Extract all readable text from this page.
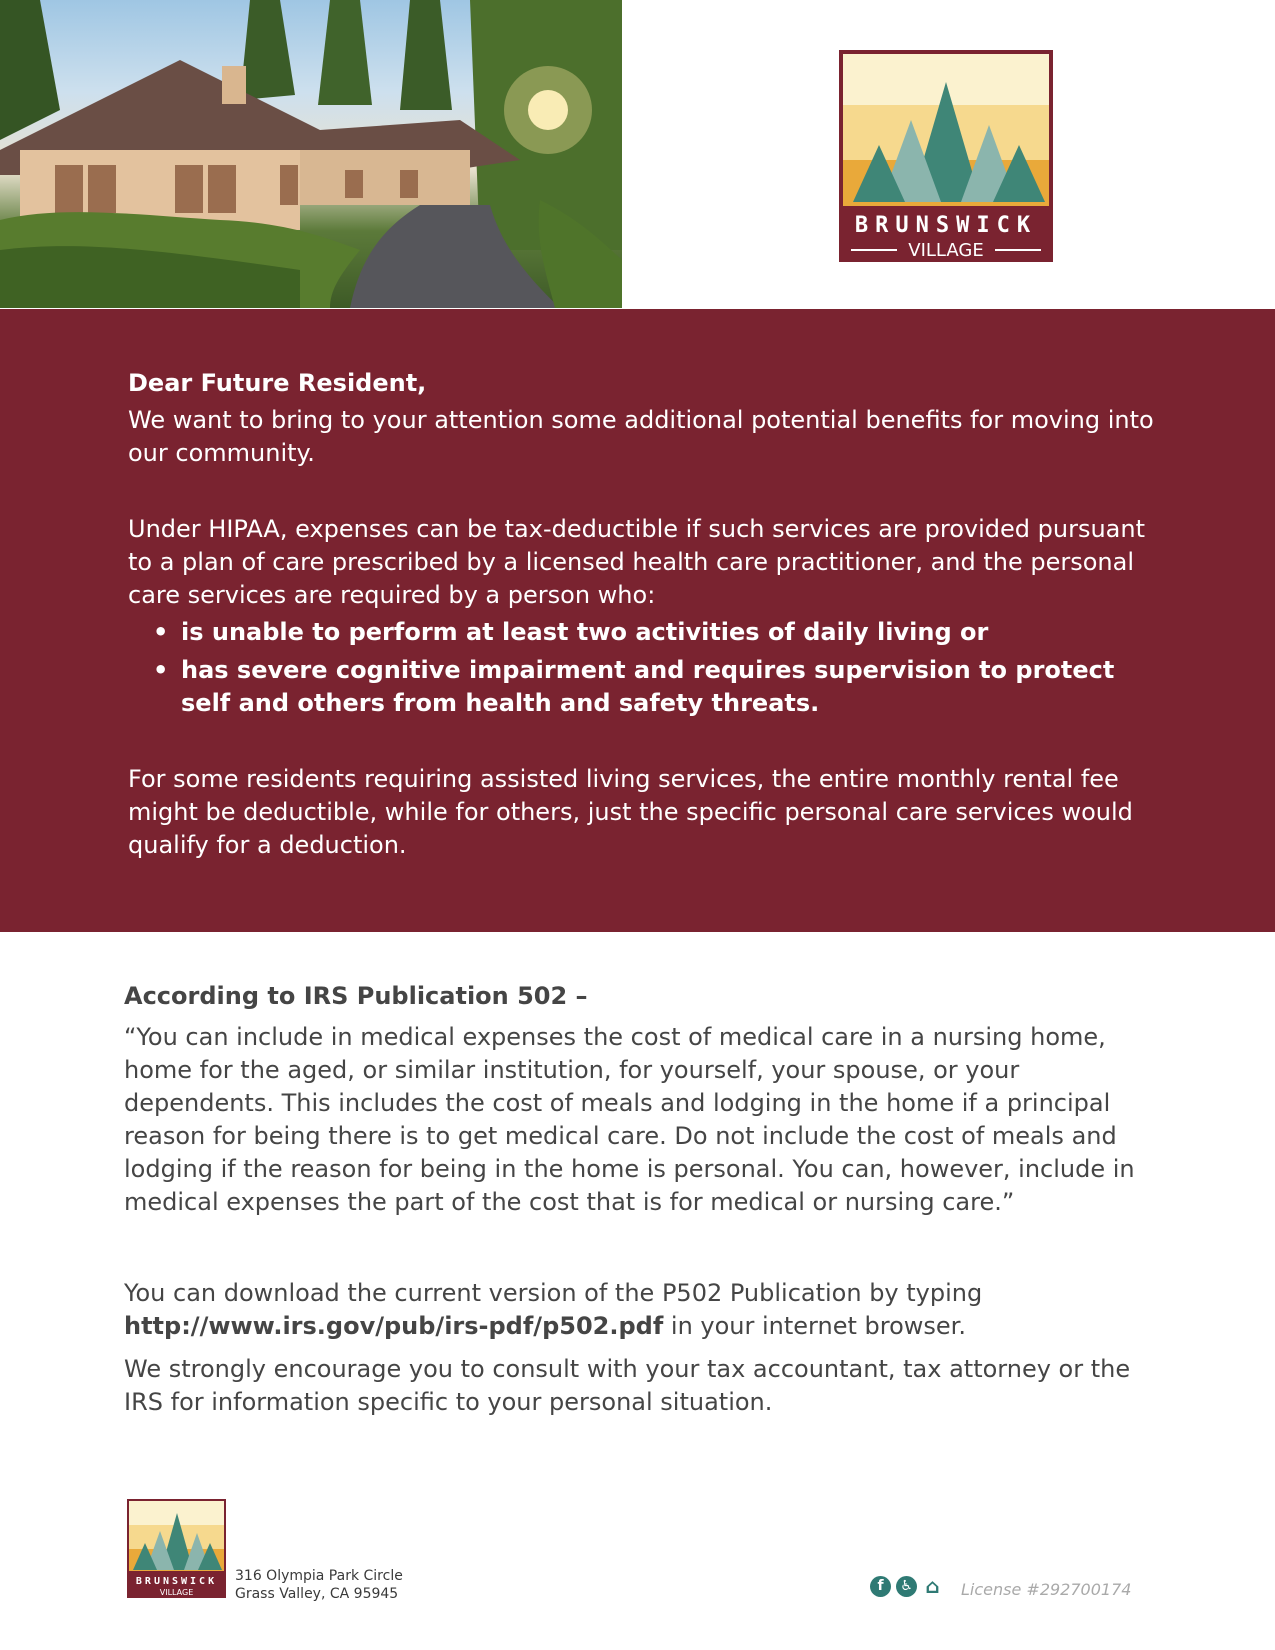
BRUNSWICK
VILLAGE

Dear Future Resident,

We want to bring to your attention some additional potential benefits for moving into our community.

Under HIPAA, expenses can be tax-deductible if such services are provided pursuant to a plan of care prescribed by a licensed health care practitioner, and the personal care services are required by a person who:

• is unable to perform at least two activities of daily living or
• has severe cognitive impairment and requires supervision to protect self and others from health and safety threats.

For some residents requiring assisted living services, the entire monthly rental fee might be deductible, while for others, just the specific personal care services would qualify for a deduction.

According to IRS Publication 502 –

“You can include in medical expenses the cost of medical care in a nursing home, home for the aged, or similar institution, for yourself, your spouse, or your dependents. This includes the cost of meals and lodging in the home if a principal reason for being there is to get medical care. Do not include the cost of meals and lodging if the reason for being in the home is personal. You can, however, include in medical expenses the part of the cost that is for medical or nursing care.”

You can download the current version of the P502 Publication by typing
http://www.irs.gov/pub/irs-pdf/p502.pdf in your internet browser.

We strongly encourage you to consult with your tax accountant, tax attorney or the IRS for information specific to your personal situation.

BRUNSWICK
VILLAGE
316 Olympia Park Circle
Grass Valley, CA 95945	f	♿ ⌂ License #292700174
